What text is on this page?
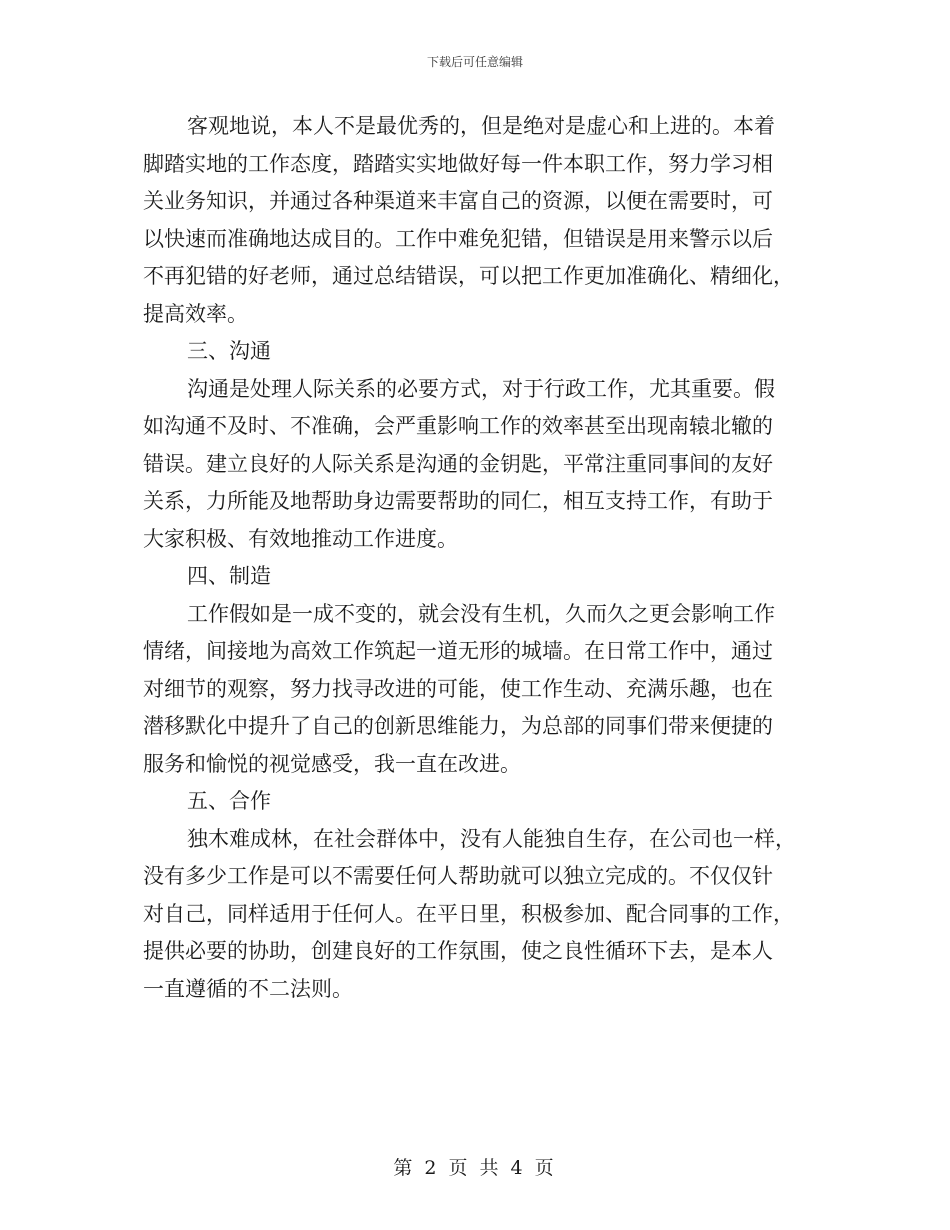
下载后可任意编辑
客观地说，本人不是最优秀的，但是绝对是虚心和上进的。本着
脚踏实地的工作态度，踏踏实实地做好每一件本职工作，努力学习相
关业务知识，并通过各种渠道来丰富自己的资源，以便在需要时，可
以快速而准确地达成目的。工作中难免犯错，但错误是用来警示以后
不再犯错的好老师，通过总结错误，可以把工作更加准确化、精细化，
提高效率。
三、沟通
沟通是处理人际关系的必要方式，对于行政工作，尤其重要。假
如沟通不及时、不准确，会严重影响工作的效率甚至出现南辕北辙的
错误。建立良好的人际关系是沟通的金钥匙，平常注重同事间的友好
关系，力所能及地帮助身边需要帮助的同仁，相互支持工作，有助于
大家积极、有效地推动工作进度。
四、制造
工作假如是一成不变的，就会没有生机，久而久之更会影响工作
情绪，间接地为高效工作筑起一道无形的城墙。在日常工作中，通过
对细节的观察，努力找寻改进的可能，使工作生动、充满乐趣，也在
潜移默化中提升了自己的创新思维能力，为总部的同事们带来便捷的
服务和愉悦的视觉感受，我一直在改进。
五、合作
独木难成林，在社会群体中，没有人能独自生存，在公司也一样，
没有多少工作是可以不需要任何人帮助就可以独立完成的。不仅仅针
对自己，同样适用于任何人。在平日里，积极参加、配合同事的工作，
提供必要的协助，创建良好的工作氛围，使之良性循环下去，是本人
一直遵循的不二法则。
第 2 页 共 4 页
